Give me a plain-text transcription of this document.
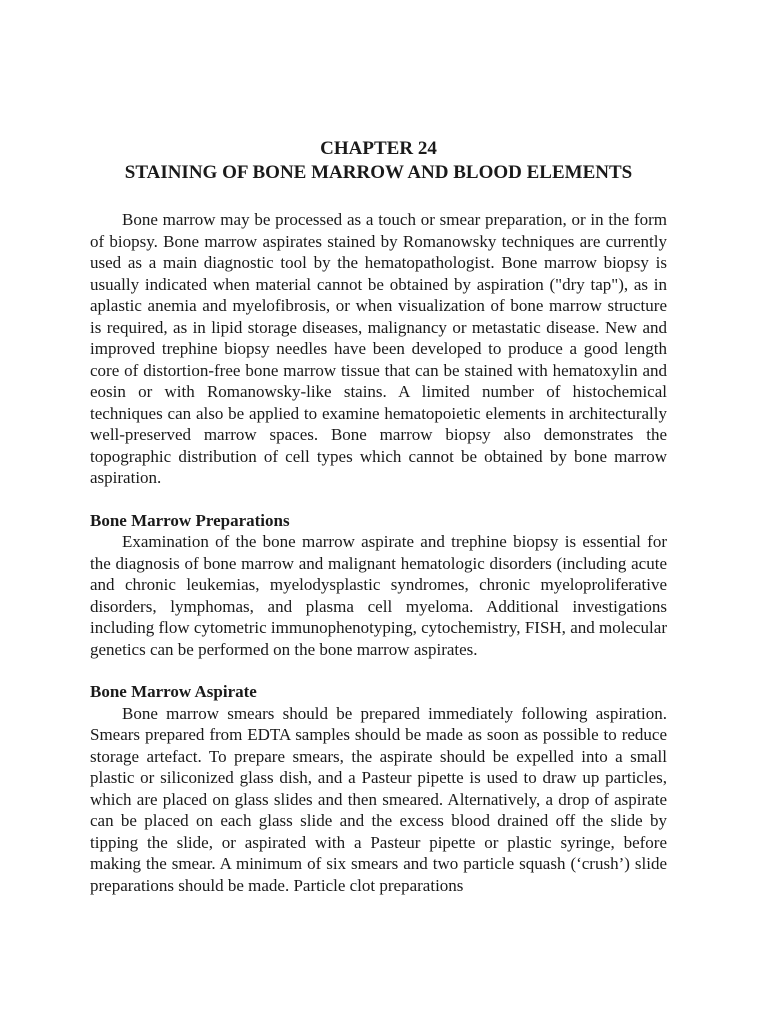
CHAPTER 24
STAINING OF BONE MARROW AND BLOOD ELEMENTS

Bone marrow may be processed as a touch or smear preparation, or in the form of biopsy. Bone marrow aspirates stained by Romanowsky techniques are currently used as a main diagnostic tool by the hematopathologist. Bone marrow biopsy is usually indicated when material cannot be obtained by aspiration ("dry tap"), as in aplastic anemia and myelofibrosis, or when visualization of bone marrow structure is required, as in lipid storage diseases, malignancy or metastatic disease. New and improved trephine biopsy needles have been developed to produce a good length core of distortion-free bone marrow tissue that can be stained with hematoxylin and eosin or with Romanowsky-like stains. A limited number of histochemical techniques can also be applied to examine hematopoietic elements in architecturally well-preserved marrow spaces. Bone marrow biopsy also demonstrates the topographic distribution of cell types which cannot be obtained by bone marrow aspiration.

Bone Marrow Preparations

Examination of the bone marrow aspirate and trephine biopsy is essential for the diagnosis of bone marrow and malignant hematologic disorders (including acute and chronic leukemias, myelodysplastic syndromes, chronic myeloproliferative disorders, lymphomas, and plasma cell myeloma. Additional investigations including flow cytometric immunophenotyping, cytochemistry, FISH, and molecular genetics can be performed on the bone marrow aspirates.

Bone Marrow Aspirate

Bone marrow smears should be prepared immediately following aspiration. Smears prepared from EDTA samples should be made as soon as possible to reduce storage artefact. To prepare smears, the aspirate should be expelled into a small plastic or siliconized glass dish, and a Pasteur pipette is used to draw up particles, which are placed on glass slides and then smeared. Alternatively, a drop of aspirate can be placed on each glass slide and the excess blood drained off the slide by tipping the slide, or aspirated with a Pasteur pipette or plastic syringe, before making the smear. A minimum of six smears and two particle squash (‘crush’) slide preparations should be made. Particle clot preparations
